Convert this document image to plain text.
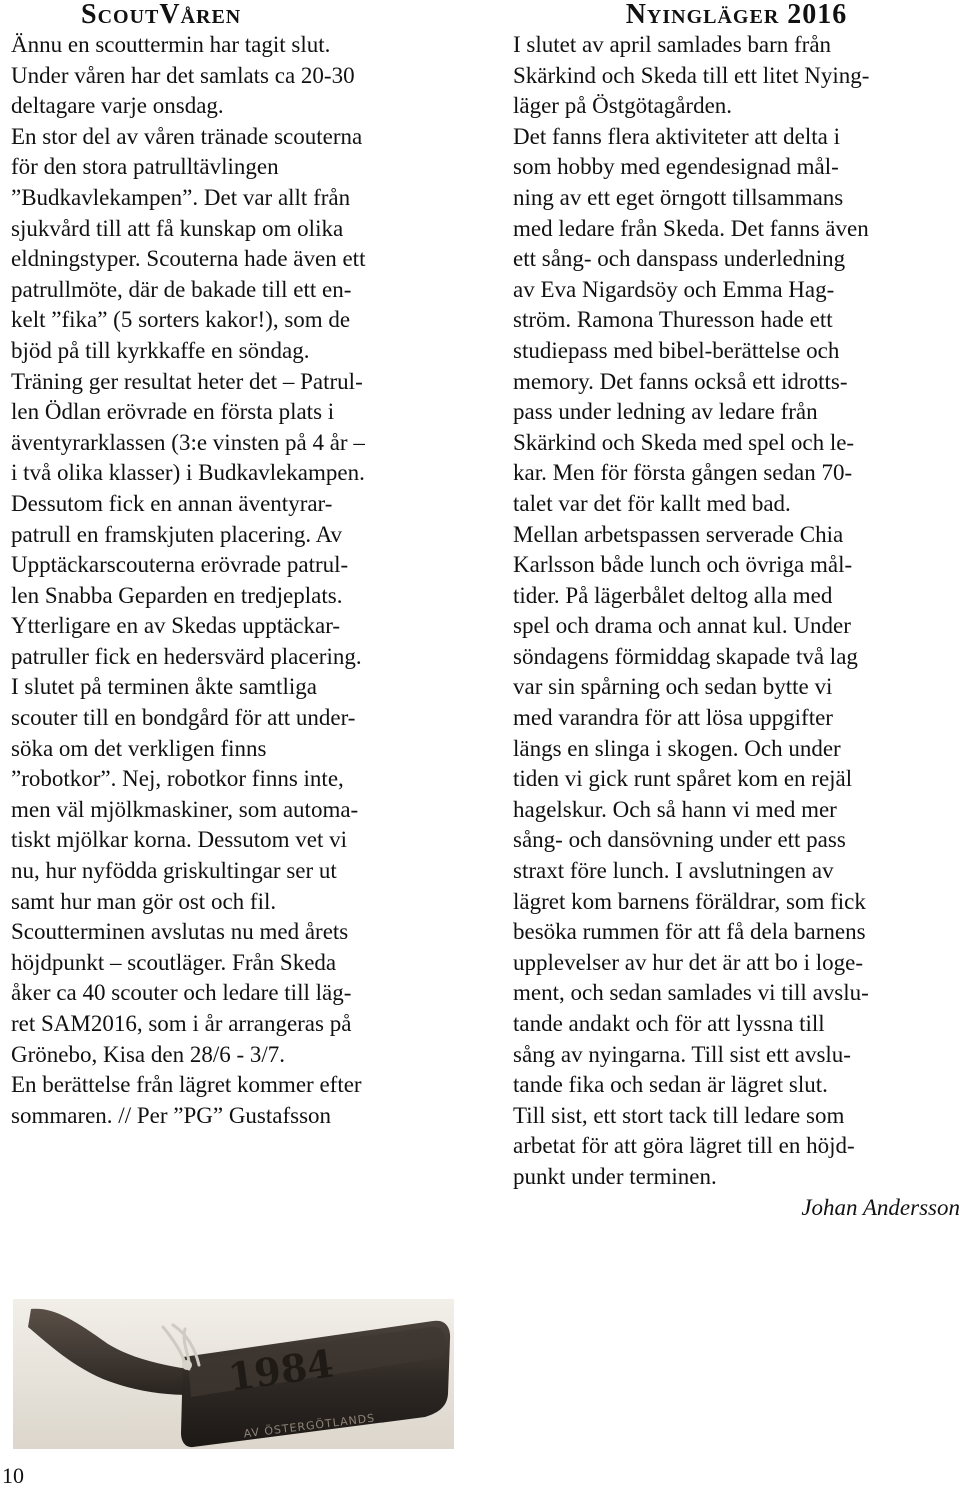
ScoutVåren

Ännu en scouttermin har tagit slut.

Under våren har det samlats ca 20-30

deltagare varje onsdag.

En stor del av våren tränade scouterna

för den stora patrulltävlingen

”Budkavlekampen”. Det var allt från

sjukvård till att få kunskap om olika

eldningstyper. Scouterna hade även ett

patrullmöte, där de bakade till ett en-

kelt ”fika” (5 sorters kakor!), som de

bjöd på till kyrkkaffe en söndag.

Träning ger resultat heter det – Patrul-

len Ödlan erövrade en första plats i

äventyrarklassen (3:e vinsten på 4 år –

i två olika klasser) i Budkavlekampen.

Dessutom fick en annan äventyrar-

patrull en framskjuten placering. Av

Upptäckarscouterna erövrade patrul-

len Snabba Geparden en tredjeplats.

Ytterligare en av Skedas upptäckar-

patruller fick en hedersvärd placering.

I slutet på terminen åkte samtliga

scouter till en bondgård för att under-

söka om det verkligen finns

”robotkor”. Nej, robotkor finns inte,

men väl mjölkmaskiner, som automa-

tiskt mjölkar korna. Dessutom vet vi

nu, hur nyfödda griskultingar ser ut

samt hur man gör ost och fil.

Scoutterminen avslutas nu med årets

höjdpunkt – scoutläger. Från Skeda

åker ca 40 scouter och ledare till läg-

ret SAM2016, som i år arrangeras på

Grönebo, Kisa den 28/6 - 3/7.

En berättelse från lägret kommer efter

sommaren. // Per ”PG” Gustafsson

Nyingläger 2016

I slutet av april samlades barn från

Skärkind och Skeda till ett litet Nying-

läger på Östgötagården.

Det fanns flera aktiviteter att delta i

som hobby med egendesignad mål-

ning av ett eget örngott tillsammans

med ledare från Skeda. Det fanns även

ett sång- och danspass underledning

av Eva Nigardsöy och Emma Hag-

ström. Ramona Thuresson hade ett

studiepass med bibel-berättelse och

memory. Det fanns också ett idrotts-

pass under ledning av ledare från

Skärkind och Skeda med spel och le-

kar. Men för första gången sedan 70-

talet var det för kallt med bad.

Mellan arbetspassen serverade Chia

Karlsson både lunch och övriga mål-

tider. På lägerbålet deltog alla med

spel och drama och annat kul. Under

söndagens förmiddag skapade två lag

var sin spårning och sedan bytte vi

med varandra för att lösa uppgifter

längs en slinga i skogen. Och under

tiden vi gick runt spåret kom en rejäl

hagelskur. Och så hann vi med mer

sång- och dansövning under ett pass

straxt före lunch. I avslutningen av

lägret kom barnens föräldrar, som fick

besöka rummen för att få dela barnens

upplevelser av hur det är att bo i loge-

ment, och sedan samlades vi till avslu-

tande andakt och för att lyssna till

sång av nyingarna. Till sist ett avslu-

tande fika och sedan är lägret slut.

Till sist, ett stort tack till ledare som

arbetat för att göra lägret till en höjd-

punkt under terminen.

Johan Andersson
1984
AV ÖSTERGÖTLANDS
10
